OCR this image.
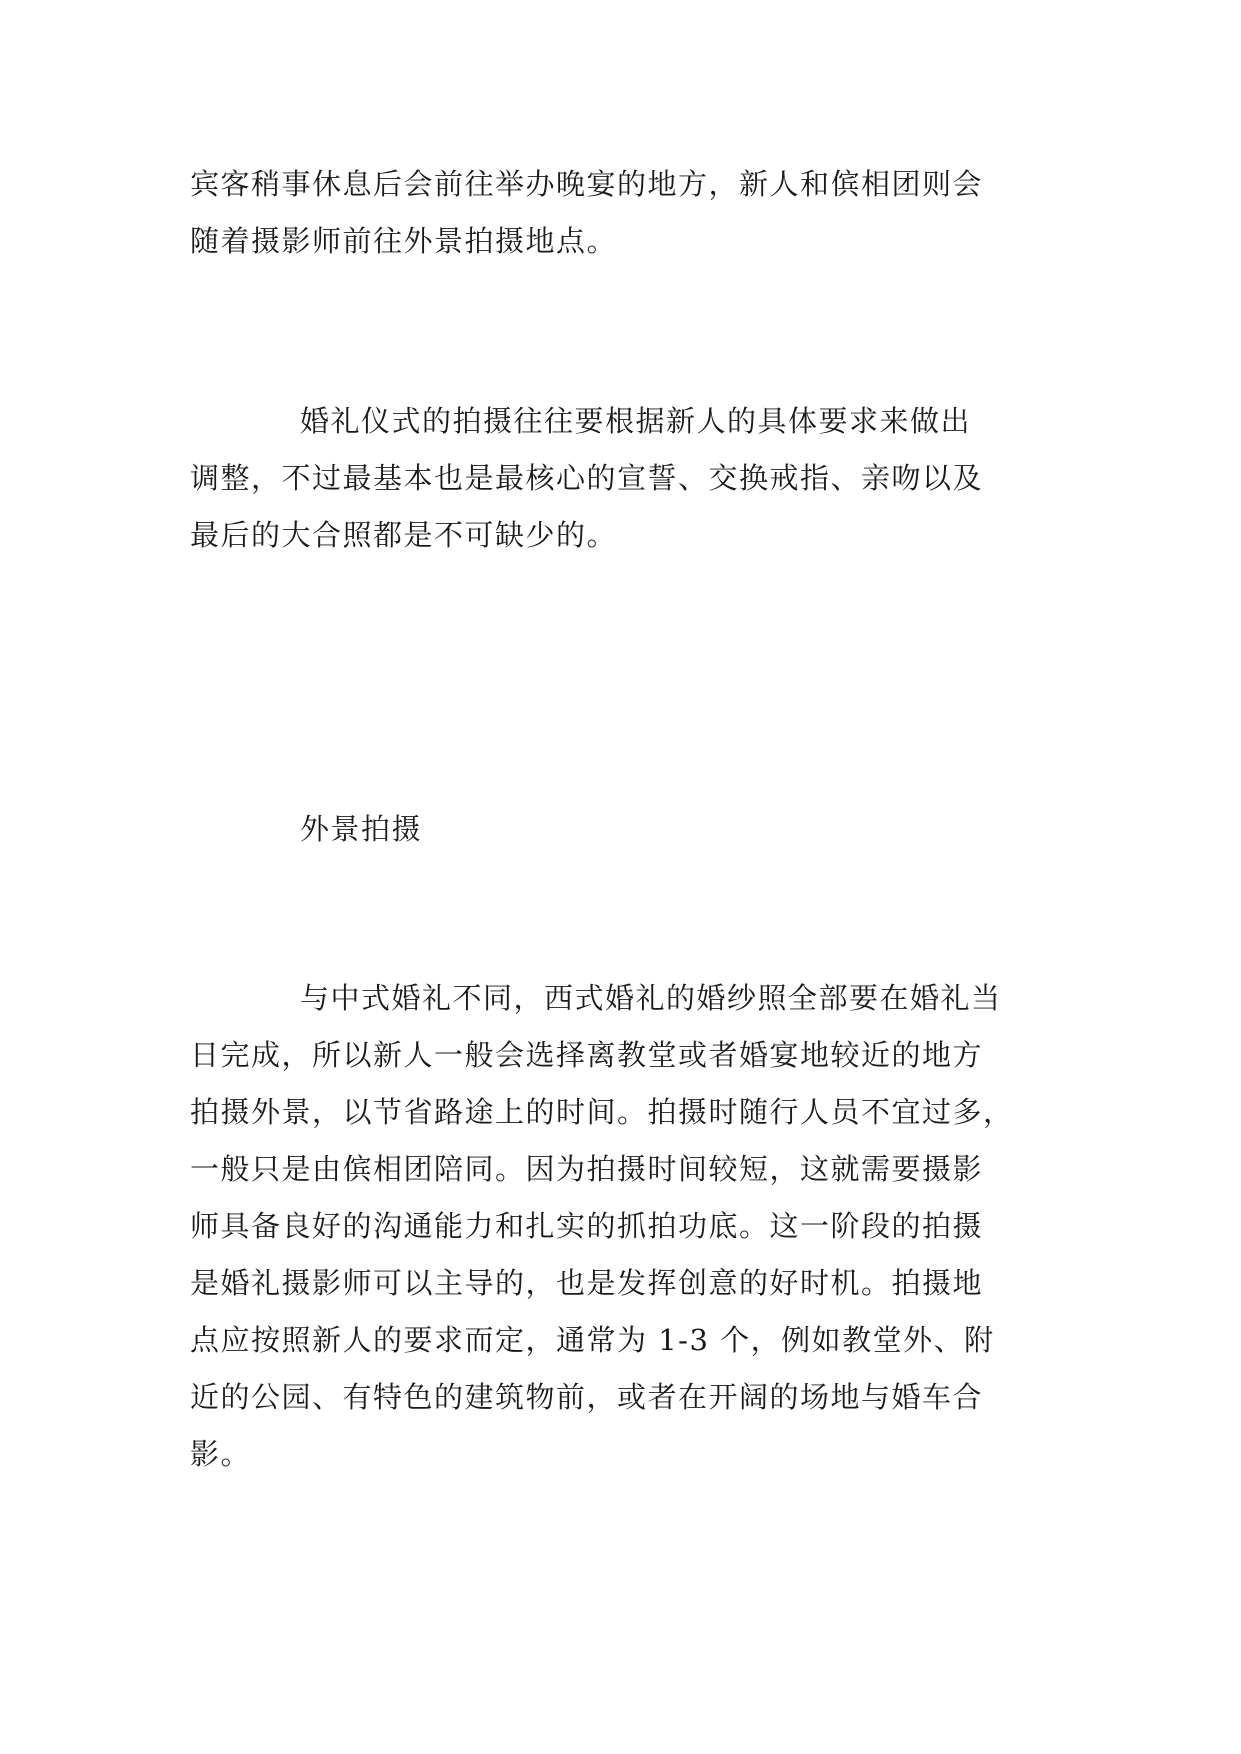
宾客稍事休息后会前往举办晚宴的地方，新人和傧相团则会
随着摄影师前往外景拍摄地点。
婚礼仪式的拍摄往往要根据新人的具体要求来做出
调整，不过最基本也是最核心的宣誓、交换戒指、亲吻以及
最后的大合照都是不可缺少的。
外景拍摄
与中式婚礼不同，西式婚礼的婚纱照全部要在婚礼当
日完成，所以新人一般会选择离教堂或者婚宴地较近的地方
拍摄外景，以节省路途上的时间。拍摄时随行人员不宜过多，
一般只是由傧相团陪同。因为拍摄时间较短，这就需要摄影
师具备良好的沟通能力和扎实的抓拍功底。这一阶段的拍摄
是婚礼摄影师可以主导的，也是发挥创意的好时机。拍摄地
点应按照新人的要求而定，通常为 1-3 个，例如教堂外、附
近的公园、有特色的建筑物前，或者在开阔的场地与婚车合
影。
